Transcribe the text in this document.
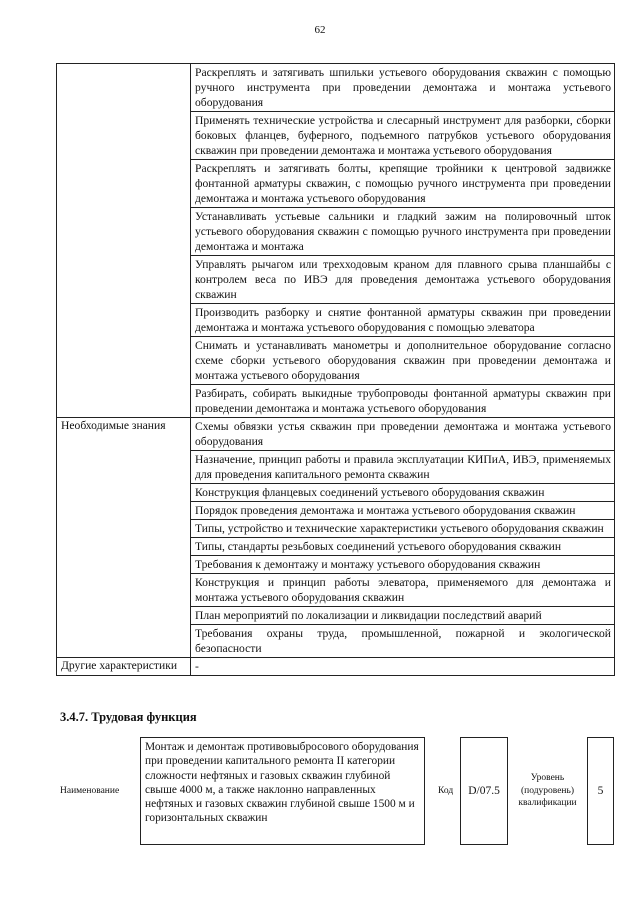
62
	Раскреплять и затягивать шпильки устьевого оборудования скважин с помощью ручного инструмента при проведении демонтажа и монтажа устьевого оборудования
	Применять технические устройства и слесарный инструмент для разборки, сборки боковых фланцев, буферного, подъемного патрубков устьевого оборудования скважин при проведении демонтажа и монтажа устьевого оборудования
	Раскреплять и затягивать болты, крепящие тройники к центровой задвижке фонтанной арматуры скважин, с помощью ручного инструмента при проведении демонтажа и монтажа устьевого оборудования
	Устанавливать устьевые сальники и гладкий зажим на полировочный шток устьевого оборудования скважин с помощью ручного инструмента при проведении демонтажа и монтажа
	Управлять рычагом или трехходовым краном для плавного срыва планшайбы с контролем веса по ИВЭ для проведения демонтажа устьевого оборудования скважин
	Производить разборку и снятие фонтанной арматуры скважин при проведении демонтажа и монтажа устьевого оборудования с помощью элеватора
	Снимать и устанавливать манометры и дополнительное оборудование согласно схеме сборки устьевого оборудования скважин при проведении демонтажа и монтажа устьевого оборудования
	Разбирать, собирать выкидные трубопроводы фонтанной арматуры скважин при проведении демонтажа и монтажа устьевого оборудования
Необходимые знания	Схемы обвязки устья скважин при проведении демонтажа и монтажа устьевого оборудования
	Назначение, принцип работы и правила эксплуатации КИПиА, ИВЭ, применяемых для проведения капитального ремонта скважин
	Конструкция фланцевых соединений устьевого оборудования скважин
	Порядок проведения демонтажа и монтажа устьевого оборудования скважин
	Типы, устройство и технические характеристики устьевого оборудования скважин
	Типы, стандарты резьбовых соединений устьевого оборудования скважин
	Требования к демонтажу и монтажу устьевого оборудования скважин
	Конструкция и принцип работы элеватора, применяемого для демонтажа и монтажа устьевого оборудования скважин
	План мероприятий по локализации и ликвидации последствий аварий
	Требования охраны труда, промышленной, пожарной и экологической безопасности
Другие характеристики	-
3.4.7. Трудовая функция
Наименование
Монтаж и демонтаж противовыбросового оборудования при проведении капитального ремонта II категории сложности нефтяных и газовых скважин глубиной свыше 4000 м, а также наклонно направленных нефтяных и газовых скважин глубиной свыше 1500 м и горизонтальных скважин
Код	D/07.5
Уровень (подуровень) квалификации
5
